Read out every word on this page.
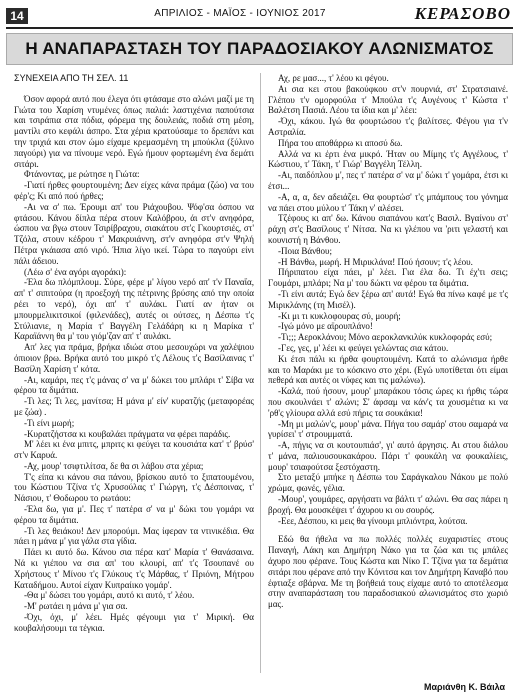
14	ΑΠΡΙΛΙΟΣ - ΜΑΪΟΣ - ΙΟΥΝΙΟΣ 2017	ΚΕΡΑΣΟΒΟ
Η ΑΝΑΠΑΡΑΣΤΑΣΗ ΤΟΥ ΠΑΡΑΔΟΣΙΑΚΟΥ ΑΛΩΝΙΣΜΑΤΟΣ

ΣΥΝΕΧΕΙΑ ΑΠΟ ΤΗ ΣΕΛ. 11

Όσον αφορά αυτό που έλεγα ότι φτάσαμε στο αλώνι μαζί με τη Γιώτα του Χαρίση ντυμένες όπως παλιά: λαστιχένια παπούτσια και τσιράπια στα πόδια, φόρεμα της δουλειάς, ποδιά στη μέση, μαντίλι στο κεφάλι άσπρο. Στα χέρια κρατούσαμε το δρεπάνι και την τριχιά και στον ώμο είχαμε κρεμασμένη τη μπούκλα (ξύλινο παγούρι) για να πίνουμε νερό. Εγώ ήμουν φορτωμένη ένα δεμάτι σιτάρι.

Φτάνοντας, με ρώτησε η Γιώτα:

-Γιατί ήρθες φουρτουμένη; Δεν είχες κάνα πράμα (ζώο) να του φέρ'ς; Κι από πού ήρθες;

-Αι να σ' πω. Έρουμι απ' του Ριάχουβου. Ψόφ'σα όσπου να φτάσου. Κάνου δίπλα πέρα στουν Καλόβρου, άι στ'ν ανηφόρα, ώσπου να βγω στουν Τσιρίβραχου, σιακάτου στ'ς Γκουρτσιές, στ' Τζόλα, στουν κέδρου τ' Μακρυιάννη, στ'ν ανηφόρα στ'ν Ψηλή Πέτρα γκάιασα από νιρό. Ήπια λίγο ικεί. Τώρα το παγούρι είνι πάλι άδειου.

(Λέω σ' ένα αγόρι αγοράκι):

-Έλα δω πλόμπλουμ. Σύρε, φέρε μ' λίγου νερό απ' τ'ν Παναΐα, απ' τ' σιπιτούρα (η προεξοχή της πέτρινης βρύσης από την οποία ρέει το νερό), όχι απ' τ' αυλάκι. Γιατί αν ήταν οι μπουρμελικιτσικοί (φιλενάδες), αυτές οι ούτσες, η Δέσπω τ'ς Στύλιανιε, η Μαρία τ' Βαγγέλη Γελάδάρη κι η Μαρίκα τ' Καραϊάννη θα μ' του γιόμ'ζαν απ' τ' αυλάκι.

Απ' λες για πράμα, βρήκα ιδιώα στου μεσουχώρι να χαλέψιου όπιοιον βρω. Βρήκα αυτό του μικρό τ'ς Λέλους τ'ς Βασίλαινας τ' Βασίλη Χαρίση τ' κότα.

-Αι, καμάρι, πες τ'ς μάνας σ' να μ' δώκει του μπλάρι τ' Σίβα να φέρου τα διμάτια.

-Τι λες; Τι λες, μανίτσα; Η μάνα μ' είν' κυρατζής (μεταφορέας με ζώα) .

-Τι είνι μωρή;

-Κυρατζήστσα κι κουβαλάει πράγματα να φέρει παράδις.

Μ' λέει κι ένα μπιτς, μπριτς κι φεύγει τα κουσιάτα κατ' τ' βρύσ' στ'ν Καρυά.

-Αχ, μουρ' τσιφτιλίτσα, δε θα σι λάβου στα χέρια;

Τ'ς είπα κι κάνου σια πάνου, βρίσκου αυτό το ξιπατουμένου, του Κώστιου Τζίνα τ'ς Χρυσούλας τ' Γιώργη, τ'ς Δέσποινας, τ' Νάσιου, τ' Θοδωρου το ρωτάου:

-Έλα δω, για μ'. Πες τ' πατέρα σ' να μ' δώκι του γομάρι να φέρου τα διμάτια.

-Τι λες θειάκου! Δεν μπορούμι. Μας ίφεραν τα ντινικέδια. Θα πάει η μάνα μ' για γάλα στα γίδια.

Πάει κι αυτό δω. Κάνου σια πέρα κατ' Μαρία τ' Θανάσαινα. Νά κι γιέπου να σια απ' του κλουρί, απ' τ'ς Τσουπανέ ου Χρήστους τ' Μίνου τ'ς Γλύκους τ'ς Μάρθας, τ' Πριόνη, Μήτρου Καταδήμου. Αυτοί είχαν Κυπραίικο γομάρ'.

-Θα μ' δώσει του γομάρι, αυτό κι αυτό, τ' λέου.

-Μ' ρωτάει η μάνα μ' για σα.

-Όχι, όχι, μ' λέει. Ημές φέγουμι για τ' Μιρική. Θα κουβαλήσουμι τα τέγκια.

Αχ, ρε μασ..., τ' λέου κι φέγου.

Αι σια κει στου βακούφκου στ'ν πουρνιά, στ' Στρατσιαινέ. Γλέπου τ'ν ομορφούλα τ' Μπούλα τ'ς Αυγένους τ' Κώστα τ' Βαλέτση Πασιά. Λέου τα ίδια και μ' λέει:

-Όχι, κάκου. Ιγώ θα φουρτώσου τ'ς βαλίτσες. Φέγου για τ'ν Αστραλία.

Πήρα του αποθάρρω κι αποσύ δω.

Αλλά να κι έρτι ένα μικρό. Ήταν ου Μίμης τ'ς Αγγέλους, τ' Κώστιου, τ' Τάκη, τ' Γιώρ' Βαγγέλη Τέλλη.

-Αι, παιδόπλου μ', πες τ' πατέρα σ' να μ' δώκι τ' γομάρα, έτσι κι έτσι...

-Α, α, α, δεν αδειάζει. Θα φουρτώσ' τ'ς μπάμπους του γόνημα να πάει στου μύλου τ' Τάκη ν' αλέσει.

Τζέφους κι απ' δω. Κάνου σιαπάνου κατ'ς Βασιλ. Βγαίνου στ' ράχη στ'ς Βασίλους τ' Νίτσα. Να κι γλέπου να 'ριτι γελαστή και κουνιστή η Βάνθου.

-Ποια Βάνθου;

-Η Βάνθω, μωρή. Η Μιρικλάνα! Πού ήσουν; τ'ς λέου.

Πήριπατου είχα πάει, μ' λέει. Για έλα δω. Τι έχ'τι σεις; Γουμάρι, μπλάρι; Να μ' του δώκτι να φέρου τα διμάτια.

-Τι είνι αυτά; Εγώ δεν ξέρω απ' αυτά! Εγώ θα πίνω καφέ με τ'ς Μιρικλάνης (τη Μισέλ).

-Κι μι τι κυκλοφουρας σύ, μουρή;

-Ιγώ μόνο με αϊρουπλάνο!

-Τι;;; Αεροκλάνου; Μόνο αεροκλανκιλύκ κυκλοφοράς εσύ;

-Γες, γες, μ' λέει κι φεύγει γελώντας σια κάτου.

Κι έτσι πάλι κι ήρθα φουρτουμένη. Κατά το αλώνισμα ήρθε και το Μαράκι με το κόσκινο στο χέρι. (Εγώ υποτίθεται ότι είμαι πεθερά και αυτές οι νύφες και τις μαλώνω).

-Καλά, πού ήσουν, μουρ' μπαράκου τόσις ώρες κι ήρθις τώρα που σκουλνάει τ' αλώνι; Σ' άφσαμ να κάν'ς τα χουσμέτια κι να 'ρθ'ς γλίουρα αλλά εσύ πήρις τα σουκάκια!

-Μη μι μαλών'ς, μουρ' μάνα. Πήγα του σαμάρ' στου σαμαρά να γυρίσει' τ' στρουμματά.

-Α, πήγις να σι κουτουπιάσ', γι' αυτό άργησις. Αι στου διάλου τ' μάνα, παλιουσουκακάρου. Πάρι τ' φουκάλη να φουκαλίεις, μουρ' τσιαφούτσα ξεστόχαστη.

Στο μεταξύ μπήκε η Δέσπω του Σαράγκαλου Νάκου με πολύ χρώμα, φωνές, γέλια.

-Μουρ', γουμάρες, αργήσατι να βάλτι τ' αλώνι. Θα σας πάρει η βροχή. Θα μουσκέψει τ' άχυρου κι ου σουρός.

-Εεε, Δέσπου, κι μεις θα γίνουμι μπλιόντρα, λούτσα.

Εδώ θα ήθελα να πω πολλές πολλές ευχαριστίες στους Παναγή, Λάκη και Δημήτρη Νάκο για τα ζώα και τις μπάλες άχυρο που φέρανε. Τους Κώστα και Νίκο Γ. Τζίνα για τα δεμάτια σιτάρι που φέρανε από την Κόνιτσα και τον Δημήτρη Καναβό που έφτιαξε σβάρνα. Με τη βοήθειά τους είχαμε αυτό το αποτέλεσμα στην αναπαράσταση του παραδοσιακού αλωνισμάτος στο χωριό μας.

Μαριάνθη Κ. Βάιλα
